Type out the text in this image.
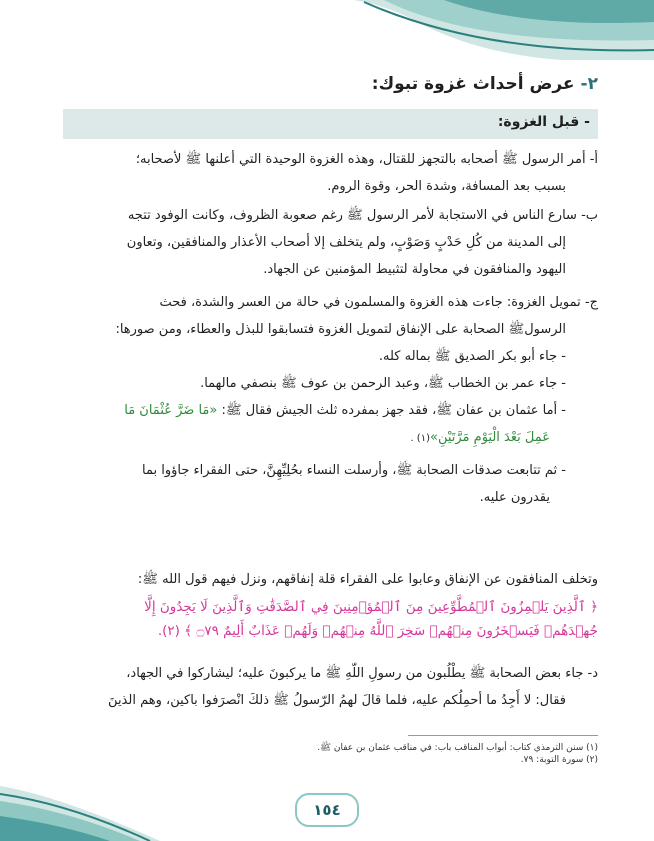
٢-عرض أحداث غزوة تبوك:
- قبل الغزوة:
أ- أمر الرسول ﷺ أصحابه بالتجهز للقتال، وهذه الغزوة الوحيدة التي أعلنها ﷺ لأصحابه؛
بسبب بعد المسافة، وشدة الحر، وقوة الروم.
ب- سارع الناس في الاستجابة لأمر الرسول ﷺ رغم صعوبة الظروف، وكانت الوفود تتجه
إلى المدينة من كُلِ حَدْبٍ وَصَوْبٍ، ولم يتخلف إلا أصحاب الأعذار والمنافقين، وتعاون
اليهود والمنافقون في محاولة لتثبيط المؤمنين عن الجهاد.
ج- تمويل الغزوة: جاءت هذه الغزوة والمسلمون في حالة من العسر والشدة، فحث
الرسولﷺ الصحابة على الإنفاق لتمويل الغزوة فتسابقوا للبذل والعطاء، ومن صورها:
- جاء أبو بكر الصديق ﷺ بماله كله.
- جاء عمر بن الخطاب ﷺ، وعبد الرحمن بن عوف ﷺ بنصفي مالهما.
- أما عثمان بن عفان ﷺ، فقد جهز بمفرده ثلث الجيش فقال ﷺ: «مَا ضَرَّ عُثْمَانَ مَا
عَمِلَ بَعْدَ الْيَوْمِ مَرَّتَيْنِ»(١) .
- ثم تتابعت صدقات الصحابة ﷺ، وأرسلت النساء بحُلِيِّهِنَّ، حتى الفقراء جاؤوا بما
يقدرون عليه.
وتخلف المنافقون عن الإنفاق وعابوا على الفقراء قلة إنفاقهم، ونزل فيهم قول الله ﷺ:
﴿ ٱلَّذِينَ يَلۡمِزُونَ ٱلۡمُطَّوِّعِينَ مِنَ ٱلۡمُؤۡمِنِينَ فِي ٱلصَّدَقَٰتِ وَٱلَّذِينَ لَا يَجِدُونَ إِلَّا
جُهۡدَهُمۡ فَيَسۡخَرُونَ مِنۡهُمۡ سَخِرَ ٱللَّهُ مِنۡهُمۡ وَلَهُمۡ عَذَابٌ أَلِيمٌ ۝٧٩ ﴾ (٢).
د- جاء بعض الصحابة ﷺ يطْلُبون من رسولِ اللّهِ ﷺ ما يركبونَ عليه؛ ليشاركوا في الجهاد،
فقال: لا أَجِدُ ما أحمِلُكم عليه، فلما قالَ لهمُ الرّسولُ ﷺ ذلكَ انْصرَفوا باكين، وهم الذينَ
(١) سنن الترمذي كتاب: أبواب المناقب باب: في مناقب عثمان بن عفان ﷺ.
(٢) سورة التوبة: ٧٩.
١٥٤
